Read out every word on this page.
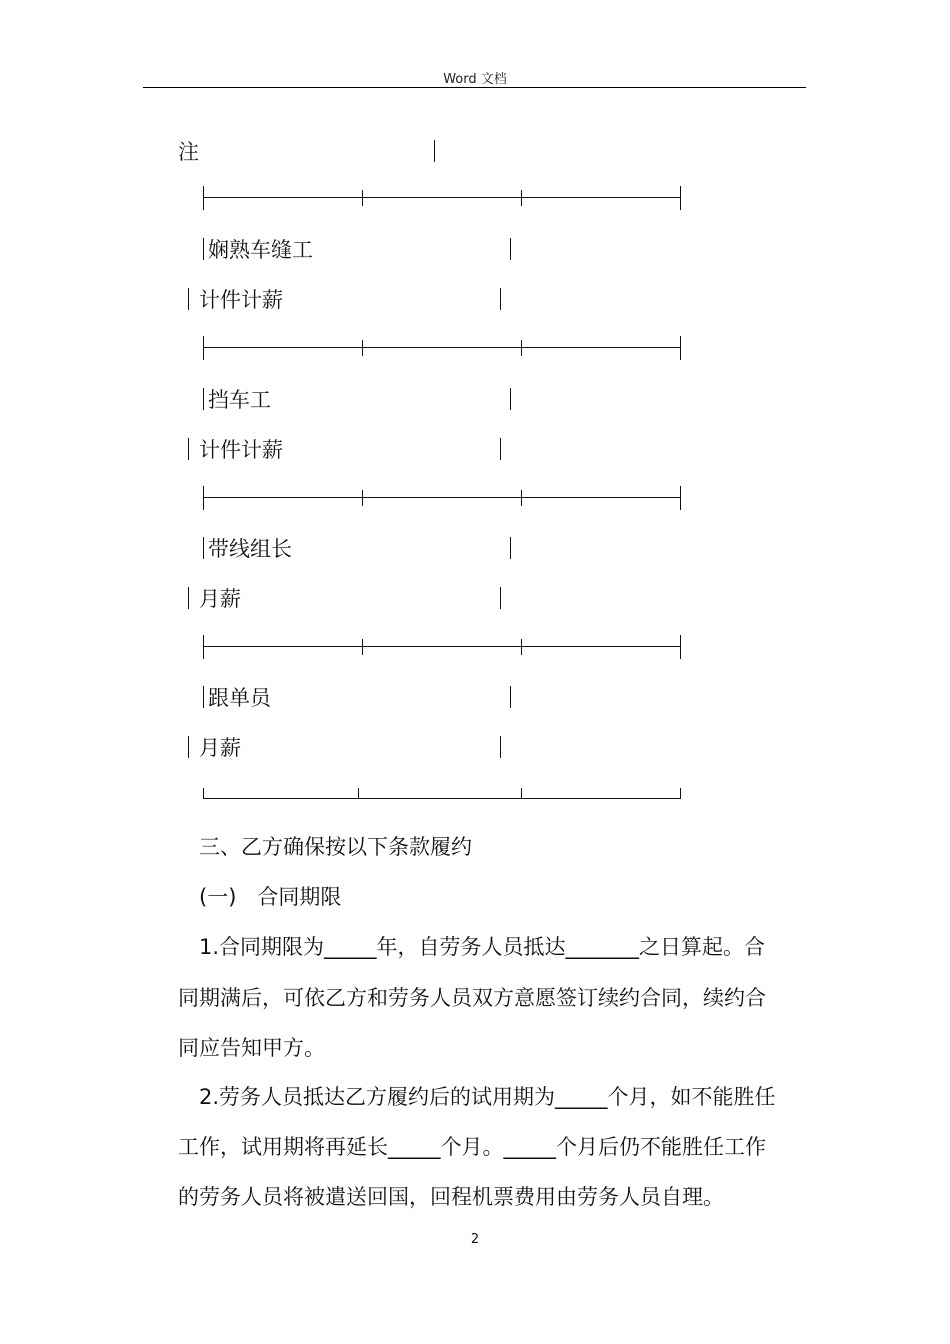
Word 文档
注
娴熟车缝工
计件计薪
挡车工
计件计薪
带线组长
月薪
跟单员
月薪
三、乙方确保按以下条款履约
(一)　合同期限
1.合同期限为_____年，自劳务人员抵达_______之日算起。合
同期满后，可依乙方和劳务人员双方意愿签订续约合同，续约合
同应告知甲方。
2.劳务人员抵达乙方履约后的试用期为_____个月，如不能胜任
工作，试用期将再延长_____个月。_____个月后仍不能胜任工作
的劳务人员将被遣送回国，回程机票费用由劳务人员自理。
2
